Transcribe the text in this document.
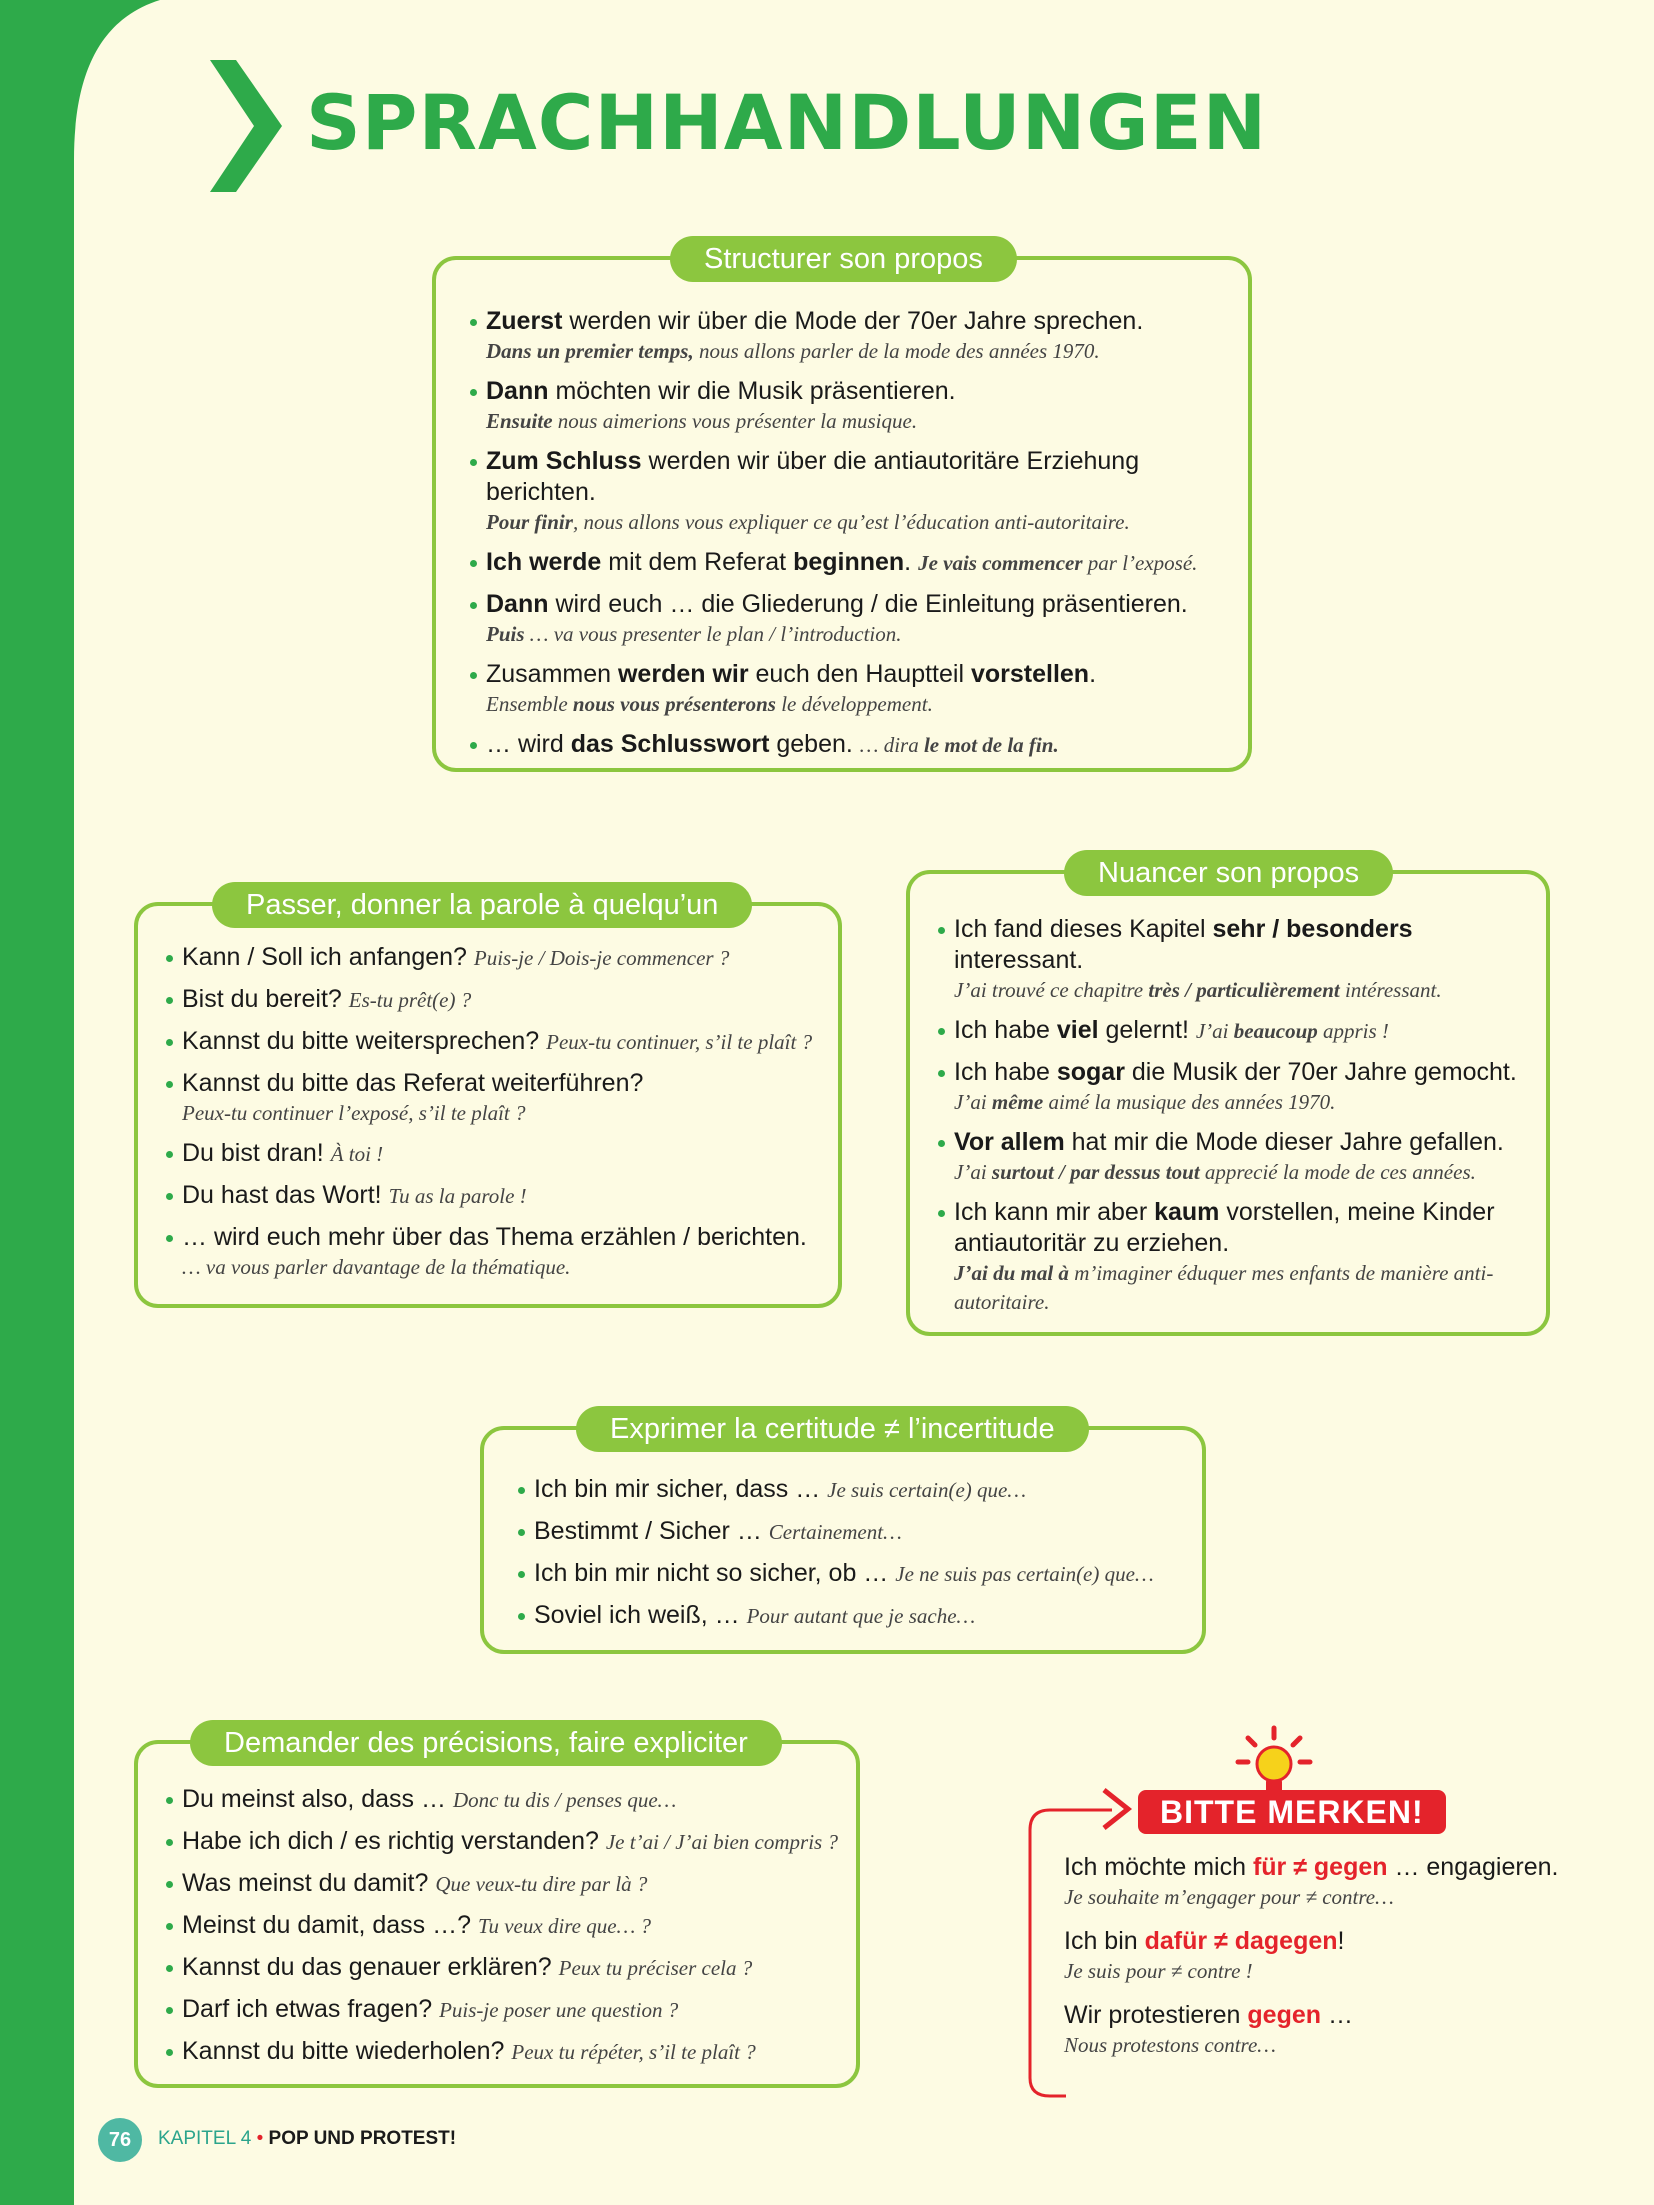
SPRACHHANDLUNGEN
Structurer son propos
Zuerst werden wir über die Mode der 70er Jahre sprechen.
Dans un premier temps, nous allons parler de la mode des années 1970.
Dann möchten wir die Musik präsentieren.
Ensuite nous aimerions vous présenter la musique.
Zum Schluss werden wir über die antiautoritäre Erziehung berichten.
Pour finir, nous allons vous expliquer ce qu’est l’éducation anti-autoritaire.
Ich werde mit dem Referat beginnen. Je vais commencer par l’exposé.
Dann wird euch … die Gliederung / die Einleitung präsentieren.
Puis … va vous presenter le plan / l’introduction.
Zusammen werden wir euch den Hauptteil vorstellen.
Ensemble nous vous présenterons le développement.
… wird das Schlusswort geben. … dira le mot de la fin.
Passer, donner la parole à quelqu’un
Kann / Soll ich anfangen? Puis-je / Dois-je commencer ?
Bist du bereit? Es-tu prêt(e) ?
Kannst du bitte weitersprechen? Peux-tu continuer, s’il te plaît ?
Kannst du bitte das Referat weiterführen?
Peux-tu continuer l’exposé, s’il te plaît ?
Du bist dran! À toi !
Du hast das Wort! Tu as la parole !
… wird euch mehr über das Thema erzählen / berichten.
… va vous parler davantage de la thématique.
Nuancer son propos
Ich fand dieses Kapitel sehr / besonders interessant.
J’ai trouvé ce chapitre très / particulièrement intéressant.
Ich habe viel gelernt! J’ai beaucoup appris !
Ich habe sogar die Musik der 70er Jahre gemocht.
J’ai même aimé la musique des années 1970.
Vor allem hat mir die Mode dieser Jahre gefallen.
J’ai surtout / par dessus tout apprecié la mode de ces années.
Ich kann mir aber kaum vorstellen, meine Kinder antiautoritär zu erziehen.
J’ai du mal à m’imaginer éduquer mes enfants de manière anti-autoritaire.
Exprimer la certitude ≠ l’incertitude
Ich bin mir sicher, dass … Je suis certain(e) que…
Bestimmt / Sicher … Certainement…
Ich bin mir nicht so sicher, ob … Je ne suis pas certain(e) que…
Soviel ich weiß, … Pour autant que je sache…
Demander des précisions, faire expliciter
Du meinst also, dass … Donc tu dis / penses que…
Habe ich dich / es richtig verstanden? Je t’ai / J’ai bien compris ?
Was meinst du damit? Que veux-tu dire par là ?
Meinst du damit, dass …? Tu veux dire que… ?
Kannst du das genauer erklären? Peux tu préciser cela ?
Darf ich etwas fragen? Puis-je poser une question ?
Kannst du bitte wiederholen? Peux tu répéter, s’il te plaît ?
BITTE MERKEN!
Ich möchte mich für ≠ gegen … engagieren.
Je souhaite m’engager pour ≠ contre…
Ich bin dafür ≠ dagegen!
Je suis pour ≠ contre !
Wir protestieren gegen …
Nous protestons contre…
76	KAPITEL 4 • POP UND PROTEST!
